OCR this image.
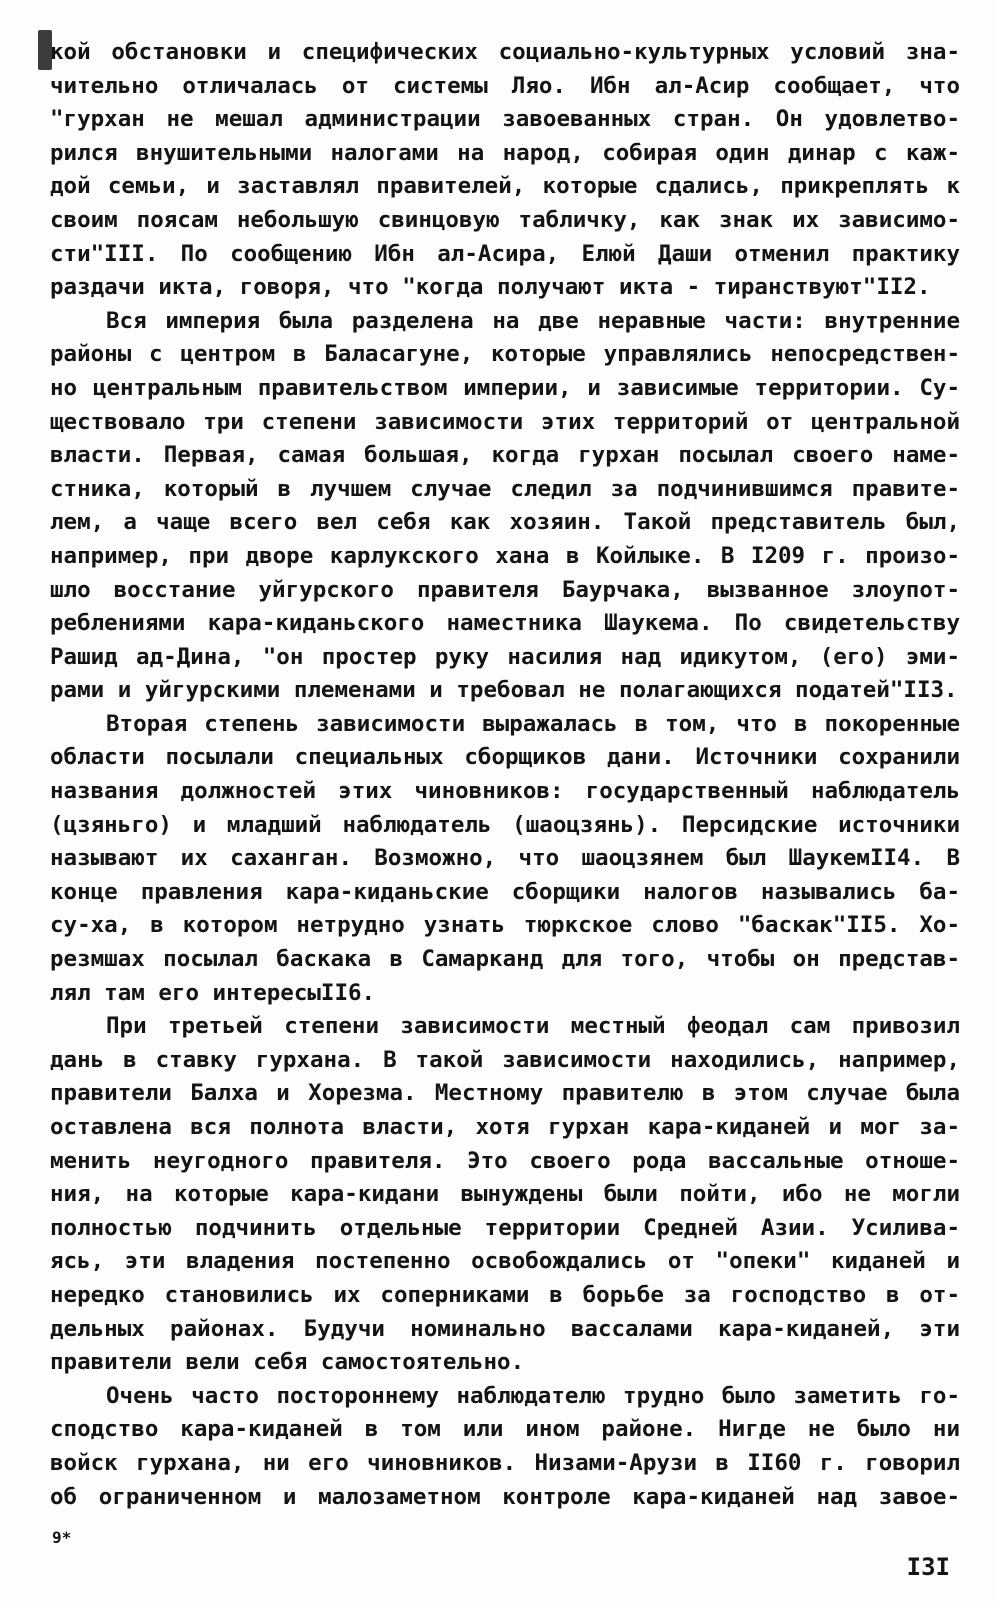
кой обстановки и специфических социально-культурных условий зна-
чительно отличалась от системы Ляо. Ибн ал-Асир сообщает, что
"гурхан не мешал администрации завоеванных стран. Он удовлетво-
рился внушительными налогами на народ, собирая один динар с каж-
дой семьи, и заставлял правителей, которые сдались, прикреплять к
своим поясам небольшую свинцовую табличку, как знак их зависимо-
сти"III. По сообщению Ибн ал-Асира, Елюй Даши отменил практику
раздачи икта, говоря, что "когда получают икта - тиранствуют"II2.
Вся империя была разделена на две неравные части: внутренние
районы с центром в Баласагуне, которые управлялись непосредствен-
но центральным правительством империи, и зависимые территории. Су-
ществовало три степени зависимости этих территорий от центральной
власти. Первая, самая большая, когда гурхан посылал своего наме-
стника, который в лучшем случае следил за подчинившимся правите-
лем, а чаще всего вел себя как хозяин. Такой представитель был,
например, при дворе карлукского хана в Койлыке. В I209 г. произо-
шло восстание уйгурского правителя Баурчака, вызванное злоупот-
реблениями кара-киданьского наместника Шаукема. По свидетельству
Рашид ад-Дина, "он простер руку насилия над идикутом, (его) эми-
рами и уйгурскими племенами и требовал не полагающихся податей"II3.
Вторая степень зависимости выражалась в том, что в покоренные
области посылали специальных сборщиков дани. Источники сохранили
названия должностей этих чиновников: государственный наблюдатель
(цзяньго) и младший наблюдатель (шаоцзянь). Персидские источники
называют их саханган. Возможно, что шаоцзянем был ШаукемII4. В
конце правления кара-киданьские сборщики налогов назывались ба-
су-ха, в котором нетрудно узнать тюркское слово "баскак"II5. Хо-
резмшах посылал баскака в Самарканд для того, чтобы он представ-
лял там его интересыII6.
При третьей степени зависимости местный феодал сам привозил
дань в ставку гурхана. В такой зависимости находились, например,
правители Балха и Хорезма. Местному правителю в этом случае была
оставлена вся полнота власти, хотя гурхан кара-киданей и мог за-
менить неугодного правителя. Это своего рода вассальные отноше-
ния, на которые кара-кидани вынуждены были пойти, ибо не могли
полностью подчинить отдельные территории Средней Азии. Усилива-
ясь, эти владения постепенно освобождались от "опеки" киданей и
нередко становились их соперниками в борьбе за господство в от-
дельных районах. Будучи номинально вассалами кара-киданей, эти
правители вели себя самостоятельно.
Очень часто постороннему наблюдателю трудно было заметить го-
сподство кара-киданей в том или ином районе. Нигде не было ни
войск гурхана, ни его чиновников. Низами-Арузи в II60 г. говорил
об ограниченном и малозаметном контроле кара-киданей над завое-
9*
I3I
